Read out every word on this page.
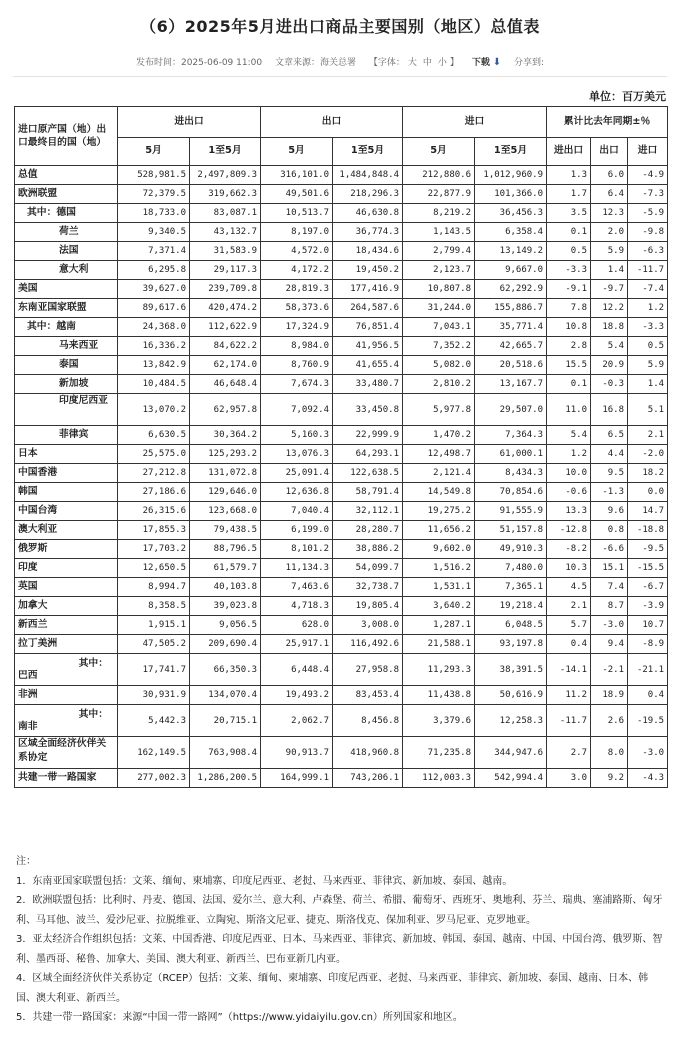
（6）2025年5月进出口商品主要国别（地区）总值表
发布时间：2025-06-09 11:00 文章来源：海关总署 【字体： 大 中 小 】 下载 ⬇ 分享到:
单位：百万美元
进口原产国（地）出口最终目的国（地）	进出口		出口		进口		累计比去年同期±％		
	5月	1至5月	5月	1至5月	5月	1至5月	进出口	出口	进口
总值	528,981.5	2,497,809.3	316,101.0	1,484,848.4	212,880.6	1,012,960.9	1.3	6.0	-4.9
欧洲联盟	72,379.5	319,662.3	49,501.6	218,296.3	22,877.9	101,366.0	1.7	6.4	-7.3
其中：德国	18,733.0	83,087.1	10,513.7	46,630.8	8,219.2	36,456.3	3.5	12.3	-5.9
荷兰	9,340.5	43,132.7	8,197.0	36,774.3	1,143.5	6,358.4	0.1	2.0	-9.8
法国	7,371.4	31,583.9	4,572.0	18,434.6	2,799.4	13,149.2	0.5	5.9	-6.3
意大利	6,295.8	29,117.3	4,172.2	19,450.2	2,123.7	9,667.0	-3.3	1.4	-11.7
美国	39,627.0	239,709.8	28,819.3	177,416.9	10,807.8	62,292.9	-9.1	-9.7	-7.4
东南亚国家联盟	89,617.6	420,474.2	58,373.6	264,587.6	31,244.0	155,886.7	7.8	12.2	1.2
其中：越南	24,368.0	112,622.9	17,324.9	76,851.4	7,043.1	35,771.4	10.8	18.8	-3.3
马来西亚	16,336.2	84,622.2	8,984.0	41,956.5	7,352.2	42,665.7	2.8	5.4	0.5
泰国	13,842.9	62,174.0	8,760.9	41,655.4	5,082.0	20,518.6	15.5	20.9	5.9
新加坡	10,484.5	46,648.4	7,674.3	33,480.7	2,810.2	13,167.7	0.1	-0.3	1.4
印度尼西亚	13,070.2	62,957.8	7,092.4	33,450.8	5,977.8	29,507.0	11.0	16.8	5.1
菲律宾	6,630.5	30,364.2	5,160.3	22,999.9	1,470.2	7,364.3	5.4	6.5	2.1
日本	25,575.0	125,293.2	13,076.3	64,293.1	12,498.7	61,000.1	1.2	4.4	-2.0
中国香港	27,212.8	131,072.8	25,091.4	122,638.5	2,121.4	8,434.3	10.0	9.5	18.2
韩国	27,186.6	129,646.0	12,636.8	58,791.4	14,549.8	70,854.6	-0.6	-1.3	0.0
中国台湾	26,315.6	123,668.0	7,040.4	32,112.1	19,275.2	91,555.9	13.3	9.6	14.7
澳大利亚	17,855.3	79,438.5	6,199.0	28,280.7	11,656.2	51,157.8	-12.8	0.8	-18.8
俄罗斯	17,703.2	88,796.5	8,101.2	38,886.2	9,602.0	49,910.3	-8.2	-6.6	-9.5
印度	12,650.5	61,579.7	11,134.3	54,099.7	1,516.2	7,480.0	10.3	15.1	-15.5
英国	8,994.7	40,103.8	7,463.6	32,738.7	1,531.1	7,365.1	4.5	7.4	-6.7
加拿大	8,358.5	39,023.8	4,718.3	19,805.4	3,640.2	19,218.4	2.1	8.7	-3.9
新西兰	1,915.1	9,056.5	628.0	3,008.0	1,287.1	6,048.5	5.7	-3.0	10.7
拉丁美洲	47,505.2	209,690.4	25,917.1	116,492.6	21,588.1	93,197.8	0.4	9.4	-8.9

其中：
巴西	17,741.7	66,350.3	6,448.4	27,958.8	11,293.3	38,391.5	-14.1	-2.1	-21.1
非洲	30,931.9	134,070.4	19,493.2	83,453.4	11,438.8	50,616.9	11.2	18.9	0.4

其中：
南非	5,442.3	20,715.1	2,062.7	8,456.8	3,379.6	12,258.3	-11.7	2.6	-19.5
区域全面经济伙伴关系协定	162,149.5	763,908.4	90,913.7	418,960.8	71,235.8	344,947.6	2.7	8.0	-3.0
共建一带一路国家	277,002.3	1,286,200.5	164,999.1	743,206.1	112,003.3	542,994.4	3.0	9.2	-4.3

注：

1．东南亚国家联盟包括：文莱、缅甸、柬埔寨、印度尼西亚、老挝、马来西亚、菲律宾、新加坡、泰国、越南。

2．欧洲联盟包括：比利时、丹麦、德国、法国、爱尔兰、意大利、卢森堡、荷兰、希腊、葡萄牙、西班牙、奥地利、芬兰、瑞典、塞浦路斯、匈牙利、马耳他、波兰、爱沙尼亚、拉脱维亚、立陶宛、斯洛文尼亚、捷克、斯洛伐克、保加利亚、罗马尼亚、克罗地亚。

3．亚太经济合作组织包括：文莱、中国香港、印度尼西亚、日本、马来西亚、菲律宾、新加坡、韩国、泰国、越南、中国、中国台湾、俄罗斯、智利、墨西哥、秘鲁、加拿大、美国、澳大利亚、新西兰、巴布亚新几内亚。

4．区域全面经济伙伴关系协定（RCEP）包括：文莱、缅甸、柬埔寨、印度尼西亚、老挝、马来西亚、菲律宾、新加坡、泰国、越南、日本、韩国、澳大利亚、新西兰。

5．共建一带一路国家：来源“中国一带一路网”（https://www.yidaiyilu.gov.cn）所列国家和地区。
